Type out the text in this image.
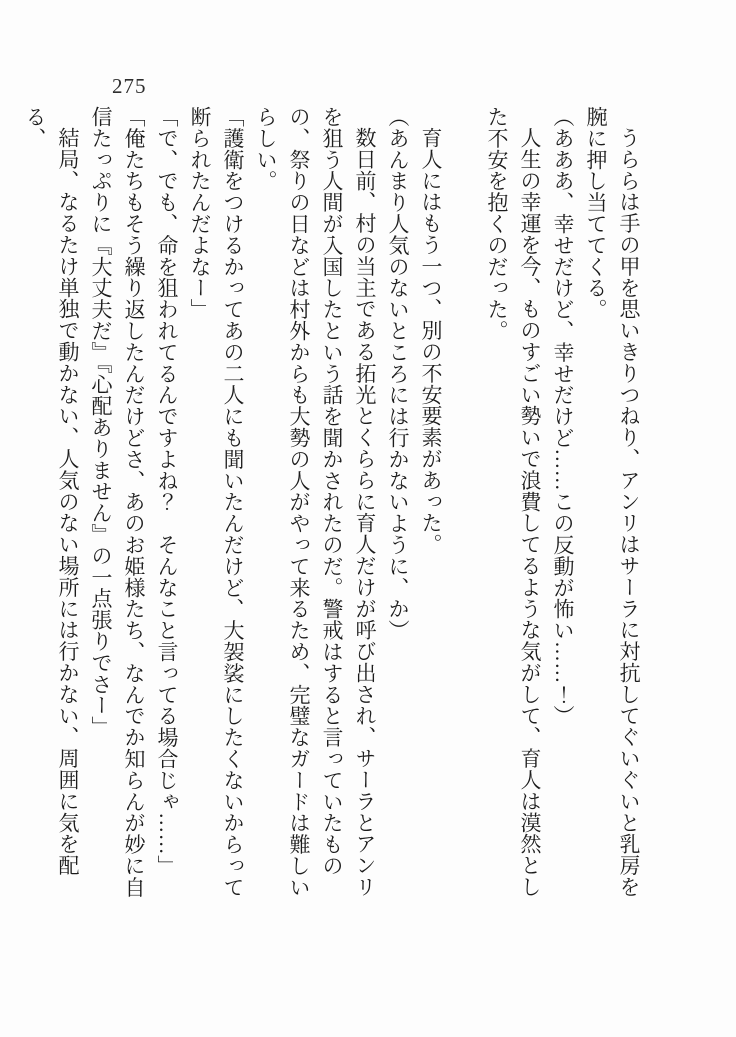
275

うららは手の甲を思いきりつねり、アンリはサーラに対抗してぐいぐいと乳房を腕に押し当ててくる。

（あああ、幸せだけど、幸せだけど……この反動が怖い……！）

人生の幸運を今、ものすごい勢いで浪費してるような気がして、育人は漠然とした不安を抱くのだった。

育人にはもう一つ、別の不安要素があった。

（あんまり人気のないところには行かないように、か）

数日前、村の当主である拓光とくららに育人だけが呼び出され、サーラとアンリを狙う人間が入国したという話を聞かされたのだ。警戒はすると言っていたものの、祭りの日などは村外からも大勢の人がやって来るため、完璧なガードは難しいらしい。

「護衛をつけるかってあの二人にも聞いたんだけど、大袈裟にしたくないからって断られたんだよなー」

「で、でも、命を狙われてるんですよね？　そんなこと言ってる場合じゃ……」

「俺たちもそう繰り返したんだけどさ、あのお姫様たち、なんでか知らんが妙に自信たっぷりに『大丈夫だ』『心配ありません』の一点張りでさー」

結局、なるたけ単独で動かない、人気のない場所には行かない、周囲に気を配る、
